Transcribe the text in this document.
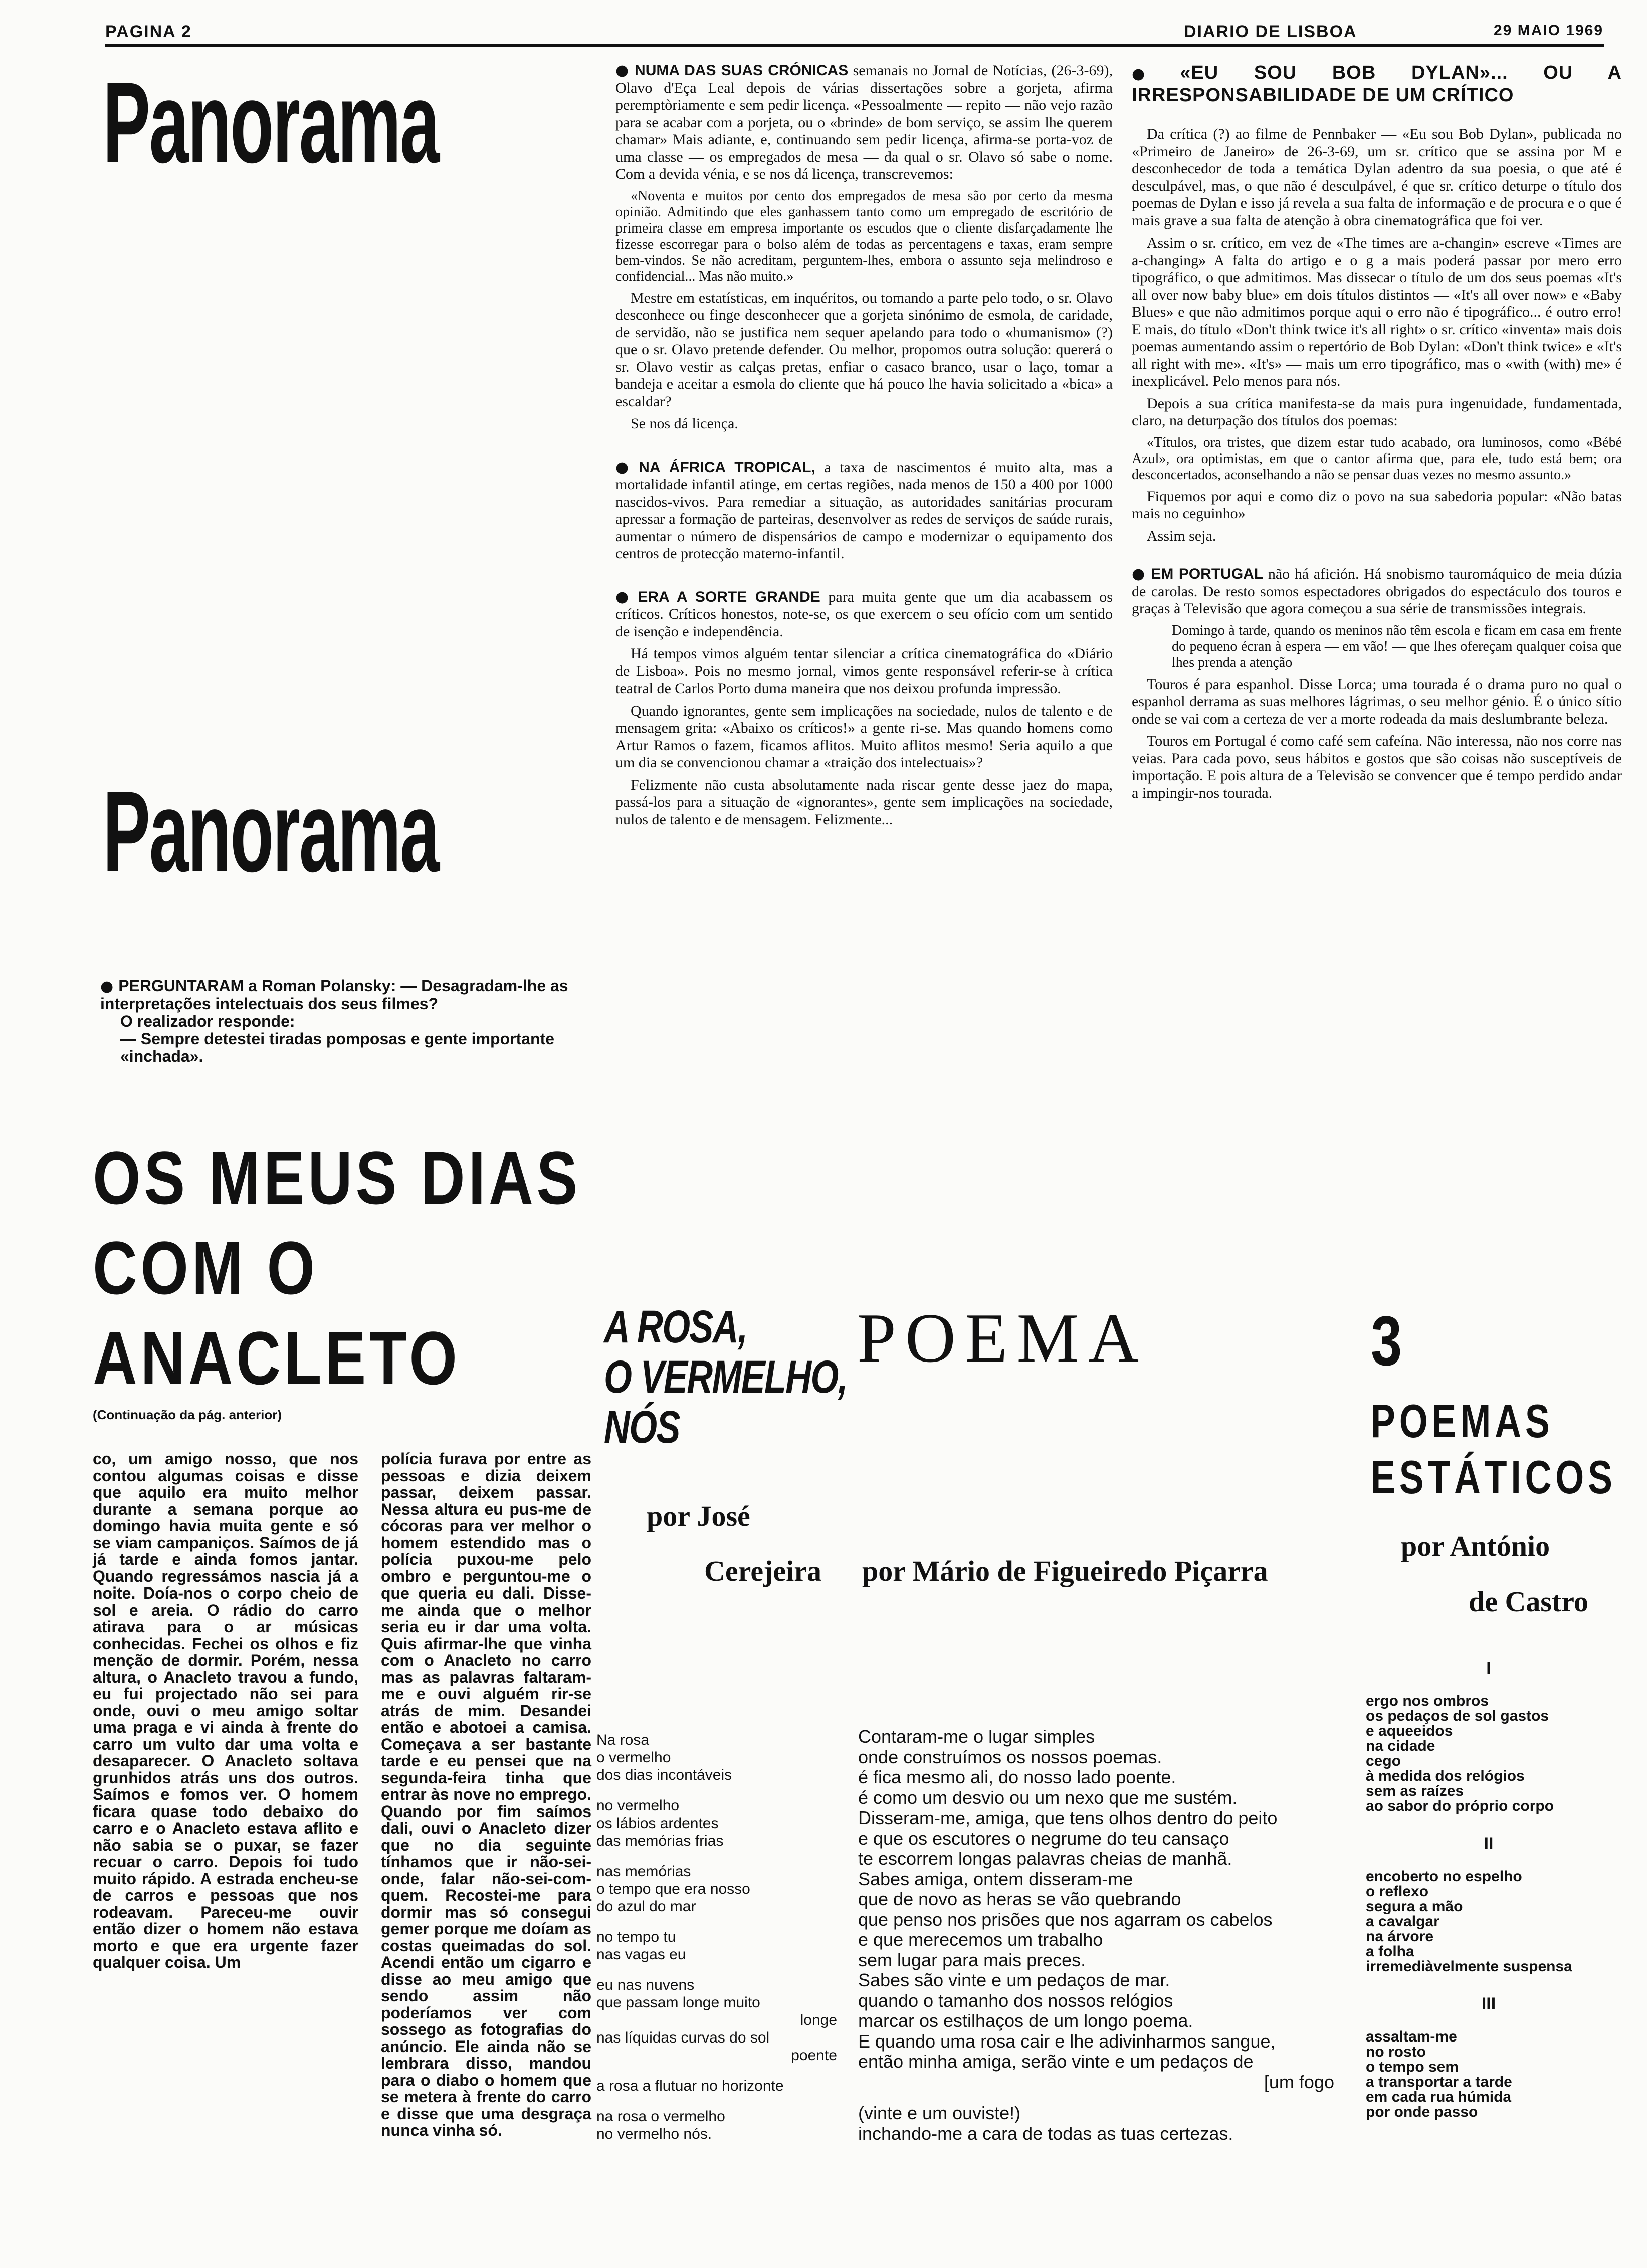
PAGINA 2	DIARIO DE LISBOA	29 MAIO 1969
Panorama
Panorama

● PERGUNTARAM a Roman Polansky: — Desagradam-lhe as interpretações intelectuais dos seus filmes?

O realizador responde:

— Sempre detestei tiradas pomposas e gente importante «inchada».

● NUMA DAS SUAS CRÓNICAS semanais no Jornal de Notícias, (26-3-69), Olavo d'Eça Leal depois de várias dissertações sobre a gorjeta, afirma peremptòriamente e sem pedir licença. «Pessoalmente — repito — não vejo razão para se acabar com a porjeta, ou o «brinde» de bom serviço, se assim lhe querem chamar» Mais adiante, e, continuando sem pedir licença, afirma-se porta-voz de uma classe — os empregados de mesa — da qual o sr. Olavo só sabe o nome. Com a devida vénia, e se nos dá licença, transcrevemos:

«Noventa e muitos por cento dos empregados de mesa são por certo da mesma opinião. Admitindo que eles ganhassem tanto como um empregado de escritório de primeira classe em empresa importante os escudos que o cliente disfarçadamente lhe fizesse escorregar para o bolso além de todas as percentagens e taxas, eram sempre bem-vindos. Se não acreditam, perguntem-lhes, embora o assunto seja melindroso e confidencial... Mas não muito.»

Mestre em estatísticas, em inquéritos, ou tomando a parte pelo todo, o sr. Olavo desconhece ou finge desconhecer que a gorjeta sinónimo de esmola, de caridade, de servidão, não se justifica nem sequer apelando para todo o «humanismo» (?) que o sr. Olavo pretende defender. Ou melhor, propomos outra solução: quererá o sr. Olavo vestir as calças pretas, enfiar o casaco branco, usar o laço, tomar a bandeja e aceitar a esmola do cliente que há pouco lhe havia solicitado a «bica» a escaldar?

Se nos dá licença.

● NA ÁFRICA TROPICAL, a taxa de nascimentos é muito alta, mas a mortalidade infantil atinge, em certas regiões, nada menos de 150 a 400 por 1000 nascidos-vivos. Para remediar a situação, as autoridades sanitárias procuram apressar a formação de parteiras, desenvolver as redes de serviços de saúde rurais, aumentar o número de dispensários de campo e modernizar o equipamento dos centros de protecção materno-infantil.

● ERA A SORTE GRANDE para muita gente que um dia acabassem os críticos. Críticos honestos, note-se, os que exercem o seu ofício com um sentido de isenção e independência.

Há tempos vimos alguém tentar silenciar a crítica cinematográfica do «Diário de Lisboa». Pois no mesmo jornal, vimos gente responsável referir-se à crítica teatral de Carlos Porto duma maneira que nos deixou profunda impressão.

Quando ignorantes, gente sem implicações na sociedade, nulos de talento e de mensagem grita: «Abaixo os críticos!» a gente ri-se. Mas quando homens como Artur Ramos o fazem, ficamos aflitos. Muito aflitos mesmo! Seria aquilo a que um dia se convencionou chamar a «traição dos intelectuais»?

Felizmente não custa absolutamente nada riscar gente desse jaez do mapa, passá-los para a situação de «ignorantes», gente sem implicações na sociedade, nulos de talento e de mensagem. Felizmente...

● «EU SOU BOB DYLAN»... OU A IRRESPONSABILIDADE DE UM CRÍTICO

Da crítica (?) ao filme de Pennbaker — «Eu sou Bob Dylan», publicada no «Primeiro de Janeiro» de 26-3-69, um sr. crítico que se assina por M e desconhecedor de toda a temática Dylan adentro da sua poesia, o que até é desculpável, mas, o que não é desculpável, é que sr. crítico deturpe o título dos poemas de Dylan e isso já revela a sua falta de informação e de procura e o que é mais grave a sua falta de atenção à obra cinematográfica que foi ver.

Assim o sr. crítico, em vez de «The times are a-changin» escreve «Times are a-changing» A falta do artigo e o g a mais poderá passar por mero erro tipográfico, o que admitimos. Mas dissecar o título de um dos seus poemas «It's all over now baby blue» em dois títulos distintos — «It's all over now» e «Baby Blues» e que não admitimos porque aqui o erro não é tipográfico... é outro erro! E mais, do título «Don't think twice it's all right» o sr. crítico «inventa» mais dois poemas aumentando assim o repertório de Bob Dylan: «Don't think twice» e «It's all right with me». «It's» — mais um erro tipográfico, mas o «with (with) me» é inexplicável. Pelo menos para nós.

Depois a sua crítica manifesta-se da mais pura ingenuidade, fundamentada, claro, na deturpação dos títulos dos poemas:

«Títulos, ora tristes, que dizem estar tudo acabado, ora luminosos, como «Bébé Azul», ora optimistas, em que o cantor afirma que, para ele, tudo está bem; ora desconcertados, aconselhando a não se pensar duas vezes no mesmo assunto.»

Fiquemos por aqui e como diz o povo na sua sabedoria popular: «Não batas mais no ceguinho»

Assim seja.

● EM PORTUGAL não há afición. Há snobismo tauromáquico de meia dúzia de carolas. De resto somos espectadores obrigados do espectáculo dos touros e graças à Televisão que agora começou a sua série de transmissões integrais.

Domingo à tarde, quando os meninos não têm escola e ficam em casa em frente do pequeno écran à espera — em vão! — que lhes ofereçam qualquer coisa que lhes prenda a atenção

Touros é para espanhol. Disse Lorca; uma tourada é o drama puro no qual o espanhol derrama as suas melhores lágrimas, o seu melhor génio. É o único sítio onde se vai com a certeza de ver a morte rodeada da mais deslumbrante beleza.

Touros em Portugal é como café sem cafeína. Não interessa, não nos corre nas veias. Para cada povo, seus hábitos e gostos que são coisas não susceptíveis de importação. E pois altura de a Televisão se convencer que é tempo perdido andar a impingir-nos tourada.

OS MEUS DIAS
COM O
ANACLETO
(Continuação da pág. anterior)

co, um amigo nosso, que nos contou algumas coisas e disse que aquilo era muito melhor durante a semana porque ao domingo havia muita gente e só se viam campaniços. Saímos de já já tarde e ainda fomos jantar. Quando regressámos nascia já a noite. Doía-nos o corpo cheio de sol e areia. O rádio do carro atirava para o ar músicas conhecidas. Fechei os olhos e fiz menção de dormir. Porém, nessa altura, o Anacleto travou a fundo, eu fui projectado não sei para onde, ouvi o meu amigo soltar uma praga e vi ainda à frente do carro um vulto dar uma volta e desaparecer. O Anacleto soltava grunhidos atrás uns dos outros. Saímos e fomos ver. O homem ficara quase todo debaixo do carro e o Anacleto estava aflito e não sabia se o puxar, se fazer recuar o carro. Depois foi tudo muito rápido. A estrada encheu-se de carros e pessoas que nos rodeavam. Pareceu-me ouvir então dizer o homem não estava morto e que era urgente fazer qualquer coisa. Um

polícia furava por entre as pessoas e dizia deixem passar, deixem passar. Nessa altura eu pus-me de cócoras para ver melhor o homem estendido mas o polícia puxou-me pelo ombro e perguntou-me o que queria eu dali. Disse-me ainda que o melhor seria eu ir dar uma volta. Quis afirmar-lhe que vinha com o Anacleto no carro mas as palavras faltaram-me e ouvi alguém rir-se atrás de mim. Desandei então e abotoei a camisa. Começava a ser bastante tarde e eu pensei que na segunda-feira tinha que entrar às nove no emprego. Quando por fim saímos dali, ouvi o Anacleto dizer que no dia seguinte tínhamos que ir não-sei-onde, falar não-sei-com-quem. Recostei-me para dormir mas só consegui gemer porque me doíam as costas queimadas do sol. Acendi então um cigarro e disse ao meu amigo que sendo assim não poderíamos ver com sossego as fotografias do anúncio. Ele ainda não se lembrara disso, mandou para o diabo o homem que se metera à frente do carro e disse que uma desgraça nunca vinha só.

A ROSA,
O VERMELHO,
NÓS
por José
Cerejeira
Na rosa
o vermelho
dos dias incontáveis
no vermelho
os lábios ardentes
das memórias frias
nas memórias
o tempo que era nosso
do azul do mar
no tempo tu
nas vagas eu
eu nas nuvens
que passam longe muito
longe
nas líquidas curvas do sol
poente
a rosa a flutuar no horizonte
na rosa o vermelho
no vermelho nós.
POEMA
por Mário de Figueiredo Piçarra
Contaram-me o lugar simples
onde construímos os nossos poemas.
é fica mesmo ali, do nosso lado poente.
é como um desvio ou um nexo que me sustém.
Disseram-me, amiga, que tens olhos dentro do peito
e que os escutores o negrume do teu cansaço
te escorrem longas palavras cheias de manhã.
Sabes amiga, ontem disseram-me
que de novo as heras se vão quebrando
que penso nos prisões que nos agarram os cabelos
e que merecemos um trabalho
sem lugar para mais preces.
Sabes são vinte e um pedaços de mar.
quando o tamanho dos nossos relógios
marcar os estilhaços de um longo poema.
E quando uma rosa cair e lhe adivinharmos sangue,
então minha amiga, serão vinte e um pedaços de
[um fogo
(vinte e um ouviste!)
inchando-me a cara de todas as tuas certezas.
3
POEMAS
ESTÁTICOS
por António
de Castro
I
ergo nos ombros
os pedaços de sol gastos
e aqueeidos
na cidade
cego
à medida dos relógios
sem as raízes
ao sabor do próprio corpo
II
encoberto no espelho
o reflexo
segura a mão
a cavalgar
na árvore
a folha
irremediàvelmente suspensa
III
assaltam-me
no rosto
o tempo sem
a transportar a tarde
em cada rua húmida
por onde passo
